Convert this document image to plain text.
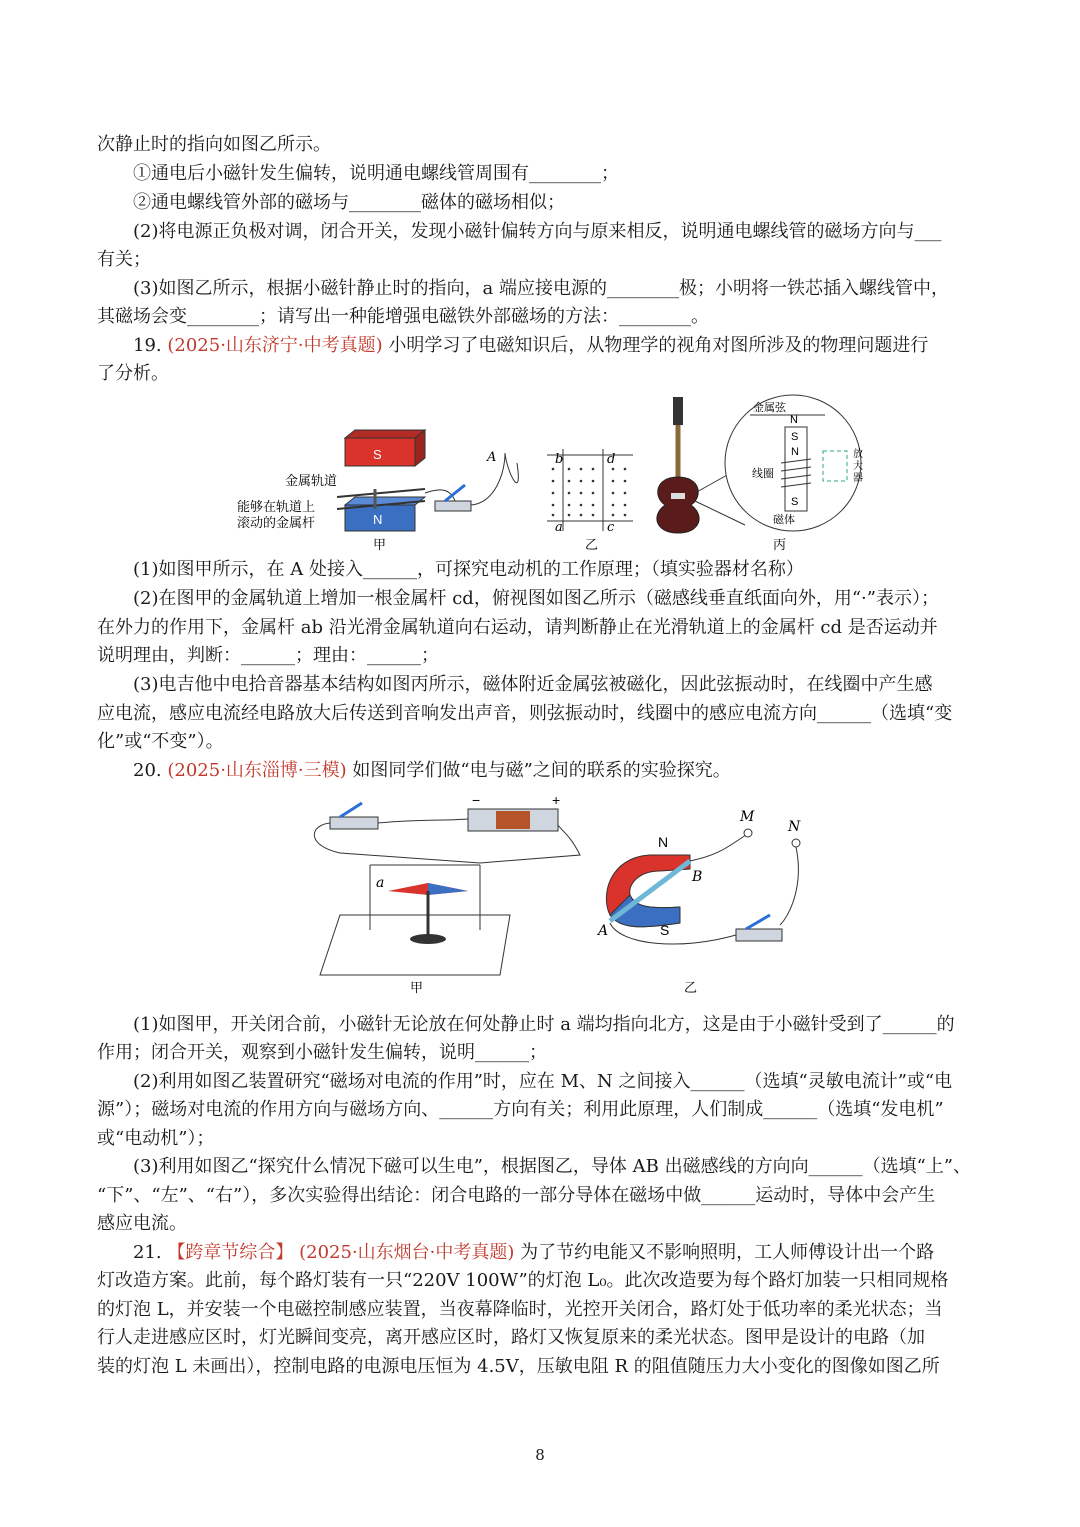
次静止时的指向如图乙所示。
①通电后小磁针发生偏转，说明通电螺线管周围有________；
②通电螺线管外部的磁场与________磁体的磁场相似；
(2)将电源正负极对调，闭合开关，发现小磁针偏转方向与原来相反，说明通电螺线管的磁场方向与___
有关；
(3)如图乙所示，根据小磁针静止时的指向，a 端应接电源的________极；小明将一铁芯插入螺线管中，
其磁场会变________；请写出一种能增强电磁铁外部磁场的方法：________。
19. (2025·山东济宁·中考真题) 小明学习了电磁知识后，从物理学的视角对图所涉及的物理问题进行
了分析。
S
N
A
金属轨道
能够在轨道上
滚动的金属杆
甲
b	d
a	c
乙
金属弦
N
S
N
S
线圈
磁体
放
大
器
丙
(1)如图甲所示，在 A 处接入______，可探究电动机的工作原理；（填实验器材名称）
(2)在图甲的金属轨道上增加一根金属杆 cd，俯视图如图乙所示（磁感线垂直纸面向外，用“·”表示）；
在外力的作用下，金属杆 ab 沿光滑金属轨道向右运动，请判断静止在光滑轨道上的金属杆 cd 是否运动并
说明理由，判断：______；理由：______；
(3)电吉他中电拾音器基本结构如图丙所示，磁体附近金属弦被磁化，因此弦振动时，在线圈中产生感
应电流，感应电流经电路放大后传送到音响发出声音，则弦振动时，线圈中的感应电流方向______（选填“变
化”或“不变”）。
20. (2025·山东淄博·三模) 如图同学们做“电与磁”之间的联系的实验探究。
−	+
a
甲
N
S
B
A
M
N
乙
(1)如图甲，开关闭合前，小磁针无论放在何处静止时 a 端均指向北方，这是由于小磁针受到了______的
作用；闭合开关，观察到小磁针发生偏转，说明______；
(2)利用如图乙装置研究“磁场对电流的作用”时，应在 M、N 之间接入______（选填“灵敏电流计”或“电
源”）；磁场对电流的作用方向与磁场方向、______方向有关；利用此原理，人们制成______（选填“发电机”
或“电动机”）；
(3)利用如图乙“探究什么情况下磁可以生电”，根据图乙，导体 AB 出磁感线的方向向______（选填“上”、
“下”、“左”、“右”），多次实验得出结论：闭合电路的一部分导体在磁场中做______运动时，导体中会产生
感应电流。
21. 【跨章节综合】 (2025·山东烟台·中考真题) 为了节约电能又不影响照明，工人师傅设计出一个路
灯改造方案。此前，每个路灯装有一只“220V 100W”的灯泡 L₀。此次改造要为每个路灯加装一只相同规格
的灯泡 L，并安装一个电磁控制感应装置，当夜幕降临时，光控开关闭合，路灯处于低功率的柔光状态；当
行人走进感应区时，灯光瞬间变亮，离开感应区时，路灯又恢复原来的柔光状态。图甲是设计的电路（加
装的灯泡 L 未画出），控制电路的电源电压恒为 4.5V，压敏电阻 R 的阻值随压力大小变化的图像如图乙所
8
